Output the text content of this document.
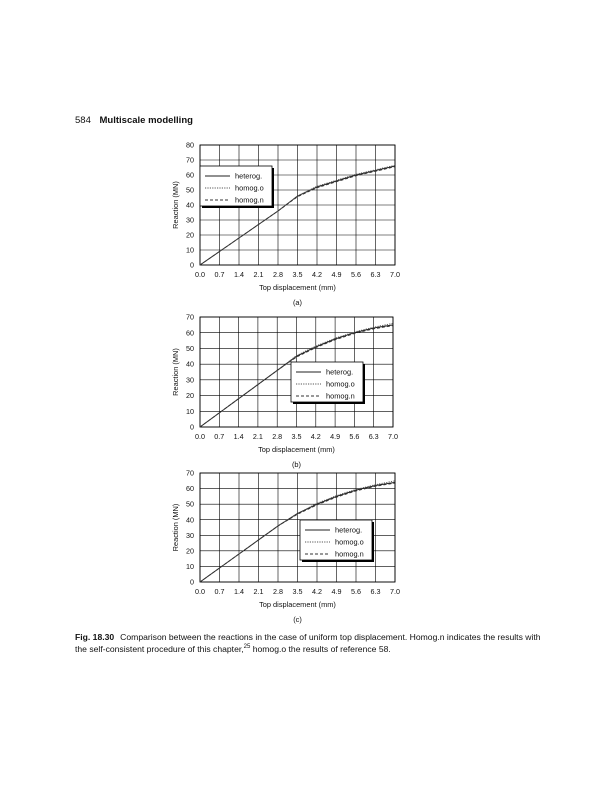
584 Multiscale modelling
0.0 0.7 1.4 2.1 2.8 3.5 4.2 4.9 5.6 6.3 7.0
0
10
20
30
40
50
60
70
80
Top displacement (mm)
Reaction (MN)
(a)
heterog.
homog.o
homog.n
0.0 0.7 1.4 2.1 2.8 3.5 4.2 4.9 5.6 6.3 7.0
0
10
20
30
40
50
60
70
Top displacement (mm)
Reaction (MN)
(b)
heterog.
homog.o
homog.n
0.0 0.7 1.4 2.1 2.8 3.5 4.2 4.9 5.6 6.3 7.0
0
10
20
30
40
50
60
70
Top displacement (mm)
Reaction (MN)
(c)
heterog.
homog.o
homog.n
Fig. 18.30 Comparison between the reactions in the case of uniform top displacement. Homog.n indicates the results with the self-consistent procedure of this chapter,$^{25}$ homog.o the results of reference 58.
